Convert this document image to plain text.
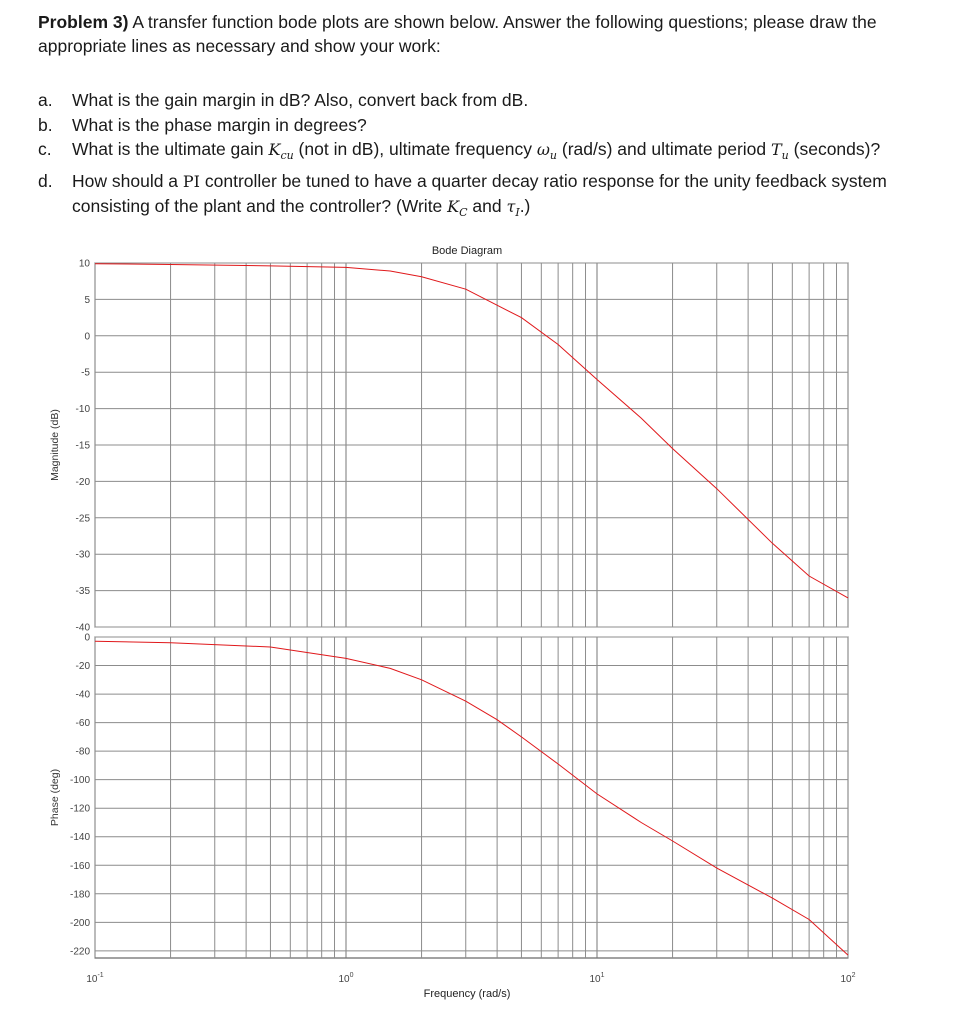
Problem 3) A transfer function bode plots are shown below. Answer the following questions; please draw the appropriate lines as necessary and show your work:
a.	What is the gain margin in dB? Also, convert back from dB.
b.	What is the phase margin in degrees?
c.	What is the ultimate gain $K_{cu}$ (not in dB), ultimate frequency $\omega_u$ (rad/s) and ultimate period $T_u$ (seconds)?
d.	How should a PI controller be tuned to have a quarter decay ratio response for the unity feedback system consisting of the plant and the controller? (Write $K_C$ and $\tau_I$.)
10
5
0
-5
-10
-15
-20
-25
-30
-35
-40
Magnitude (dB)
0
-20
-40
-60
-80
-100
-120
-140
-160
-180
-200
-220
Phase (deg)
Bode Diagram
$10^{-1}$	$10^0$	$10^1$	$10^2$
Frequency (rad/s)
